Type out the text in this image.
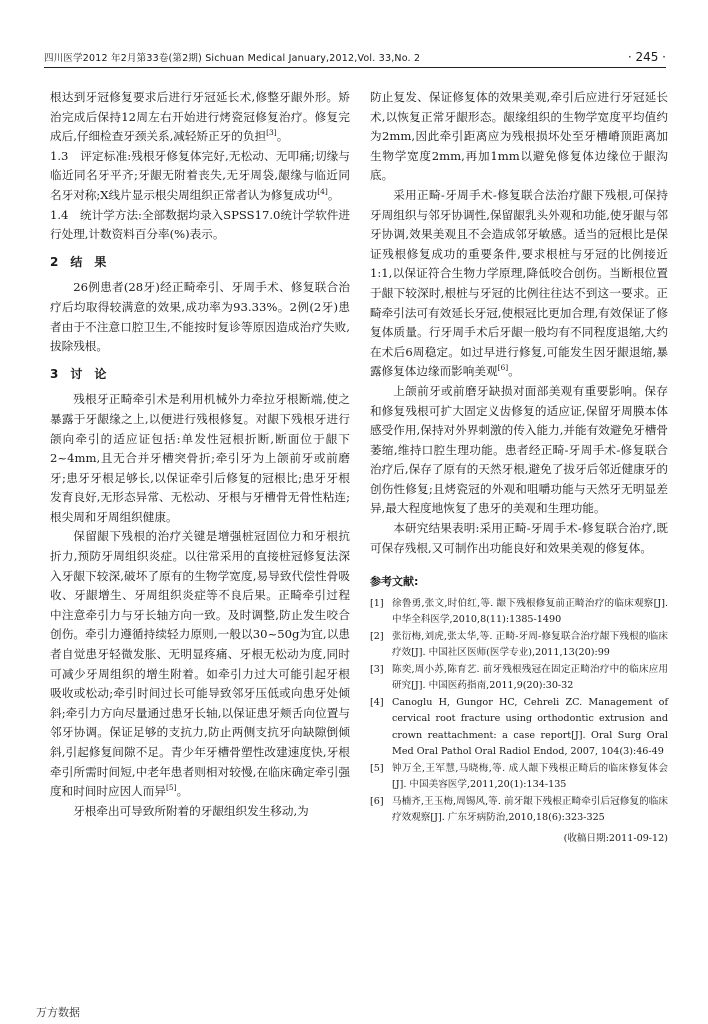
四川医学2012 年2月第33卷(第2期) Sichuan Medical January,2012,Vol. 33,No. 2	· 245 ·

根达到牙冠修复要求后进行牙冠延长术,修整牙龈外形。矫治完成后保持12周左右开始进行烤瓷冠修复治疗。修复完成后,仔细检查牙颈关系,减轻矫正牙的负担[3]。

1.3　评定标准:残根牙修复体完好,无松动、无叩痛;切缘与临近同名牙平齐;牙龈无附着丧失,无牙周袋,龈缘与临近同名牙对称;X线片显示根尖周组织正常者认为修复成功[4]。

1.4　统计学方法:全部数据均录入SPSS17.0统计学软件进行处理,计数资料百分率(%)表示。

2　结　果

26例患者(28牙)经正畸牵引、牙周手术、修复联合治疗后均取得较满意的效果,成功率为93.33%。2例(2牙)患者由于不注意口腔卫生,不能按时复诊等原因造成治疗失败,拔除残根。

3　讨　论

残根牙正畸牵引术是利用机械外力牵拉牙根断端,使之暴露于牙龈缘之上,以便进行残根修复。对龈下残根牙进行颌向牵引的适应证包括:单发性冠根折断,断面位于龈下2~4mm,且无合并牙槽突骨折;牵引牙为上颌前牙或前磨牙;患牙牙根足够长,以保证牵引后修复的冠根比;患牙牙根发育良好,无形态异常、无松动、牙根与牙槽骨无骨性粘连;根尖周和牙周组织健康。

保留龈下残根的治疗关键是增强桩冠固位力和牙根抗折力,预防牙周组织炎症。以往常采用的直接桩冠修复法深入牙龈下较深,破坏了原有的生物学宽度,易导致代偿性骨吸收、牙龈增生、牙周组织炎症等不良后果。正畸牵引过程中注意牵引力与牙长轴方向一致。及时调整,防止发生咬合创伤。牵引力遵循持续轻力原则,一般以30~50g为宜,以患者自觉患牙轻微发胀、无明显疼痛、牙根无松动为度,同时可减少牙周组织的增生附着。如牵引力过大可能引起牙根吸收或松动;牵引时间过长可能导致邻牙压低或向患牙处倾斜;牵引力方向尽量通过患牙长轴,以保证患牙颊舌向位置与邻牙协调。保证足够的支抗力,防止两侧支抗牙向缺隙倒倾斜,引起修复间隙不足。青少年牙槽骨塑性改建速度快,牙根牵引所需时间短,中老年患者则相对较慢,在临床确定牵引强度和时间时应因人而异[5]。

牙根牵出可导致所附着的牙龈组织发生移动,为

防止复发、保证修复体的效果美观,牵引后应进行牙冠延长术,以恢复正常牙龈形态。龈缘组织的生物学宽度平均值约为2mm,因此牵引距离应为残根损坏处至牙槽嵴顶距离加生物学宽度2mm,再加1mm以避免修复体边缘位于龈沟底。

采用正畸-牙周手术-修复联合法治疗龈下残根,可保持牙周组织与邻牙协调性,保留龈乳头外观和功能,使牙龈与邻牙协调,效果美观且不会造成邻牙敏感。适当的冠根比是保证残根修复成功的重要条件,要求根桩与牙冠的比例接近1:1,以保证符合生物力学原理,降低咬合创伤。当断根位置于龈下较深时,根桩与牙冠的比例往往达不到这一要求。正畸牵引法可有效延长牙冠,使根冠比更加合理,有效保证了修复体质量。行牙周手术后牙龈一般均有不同程度退缩,大约在术后6周稳定。如过早进行修复,可能发生因牙龈退缩,暴露修复体边缘而影响美观[6]。

上颌前牙或前磨牙缺损对面部美观有重要影响。保存和修复残根可扩大固定义齿修复的适应证,保留牙周膜本体感受作用,保持对外界刺激的传入能力,并能有效避免牙槽骨萎缩,维持口腔生理功能。患者经正畸-牙周手术-修复联合治疗后,保存了原有的天然牙根,避免了拔牙后邻近健康牙的创伤性修复;且烤瓷冠的外观和咀嚼功能与天然牙无明显差异,最大程度地恢复了患牙的美观和生理功能。

本研究结果表明:采用正畸-牙周手术-修复联合治疗,既可保存残根,又可制作出功能良好和效果美观的修复体。

参考文献:
[1] 徐鲁勇,张文,时伯红,等. 龈下残根修复前正畸治疗的临床观察[J]. 中华全科医学,2010,8(11):1385-1490
[2] 张衍梅,刘虎,张太华,等. 正畸-牙周-修复联合治疗龈下残根的临床疗效[J]. 中国社区医师(医学专业),2011,13(20):99
[3] 陈奕,周小苏,陈育艺. 前牙残根残冠在固定正畸治疗中的临床应用研究[J]. 中国医药指南,2011,9(20):30-32
[4] Canoglu H, Gungor HC, Cehreli ZC. Management of cervical root fracture using orthodontic extrusion and crown reattachment: a case report[J]. Oral Surg Oral Med Oral Pathol Oral Radiol Endod, 2007, 104(3):46-49
[5] 钟万全,王军慧,马晓梅,等. 成人龈下残根正畸后的临床修复体会[J]. 中国美容医学,2011,20(1):134-135
[6] 马楠齐,王玉梅,周锡风,等. 前牙龈下残根正畸牵引后冠修复的临床疗效观察[J]. 广东牙病防治,2010,18(6):323-325
(收稿日期:2011-09-12)
万方数据
